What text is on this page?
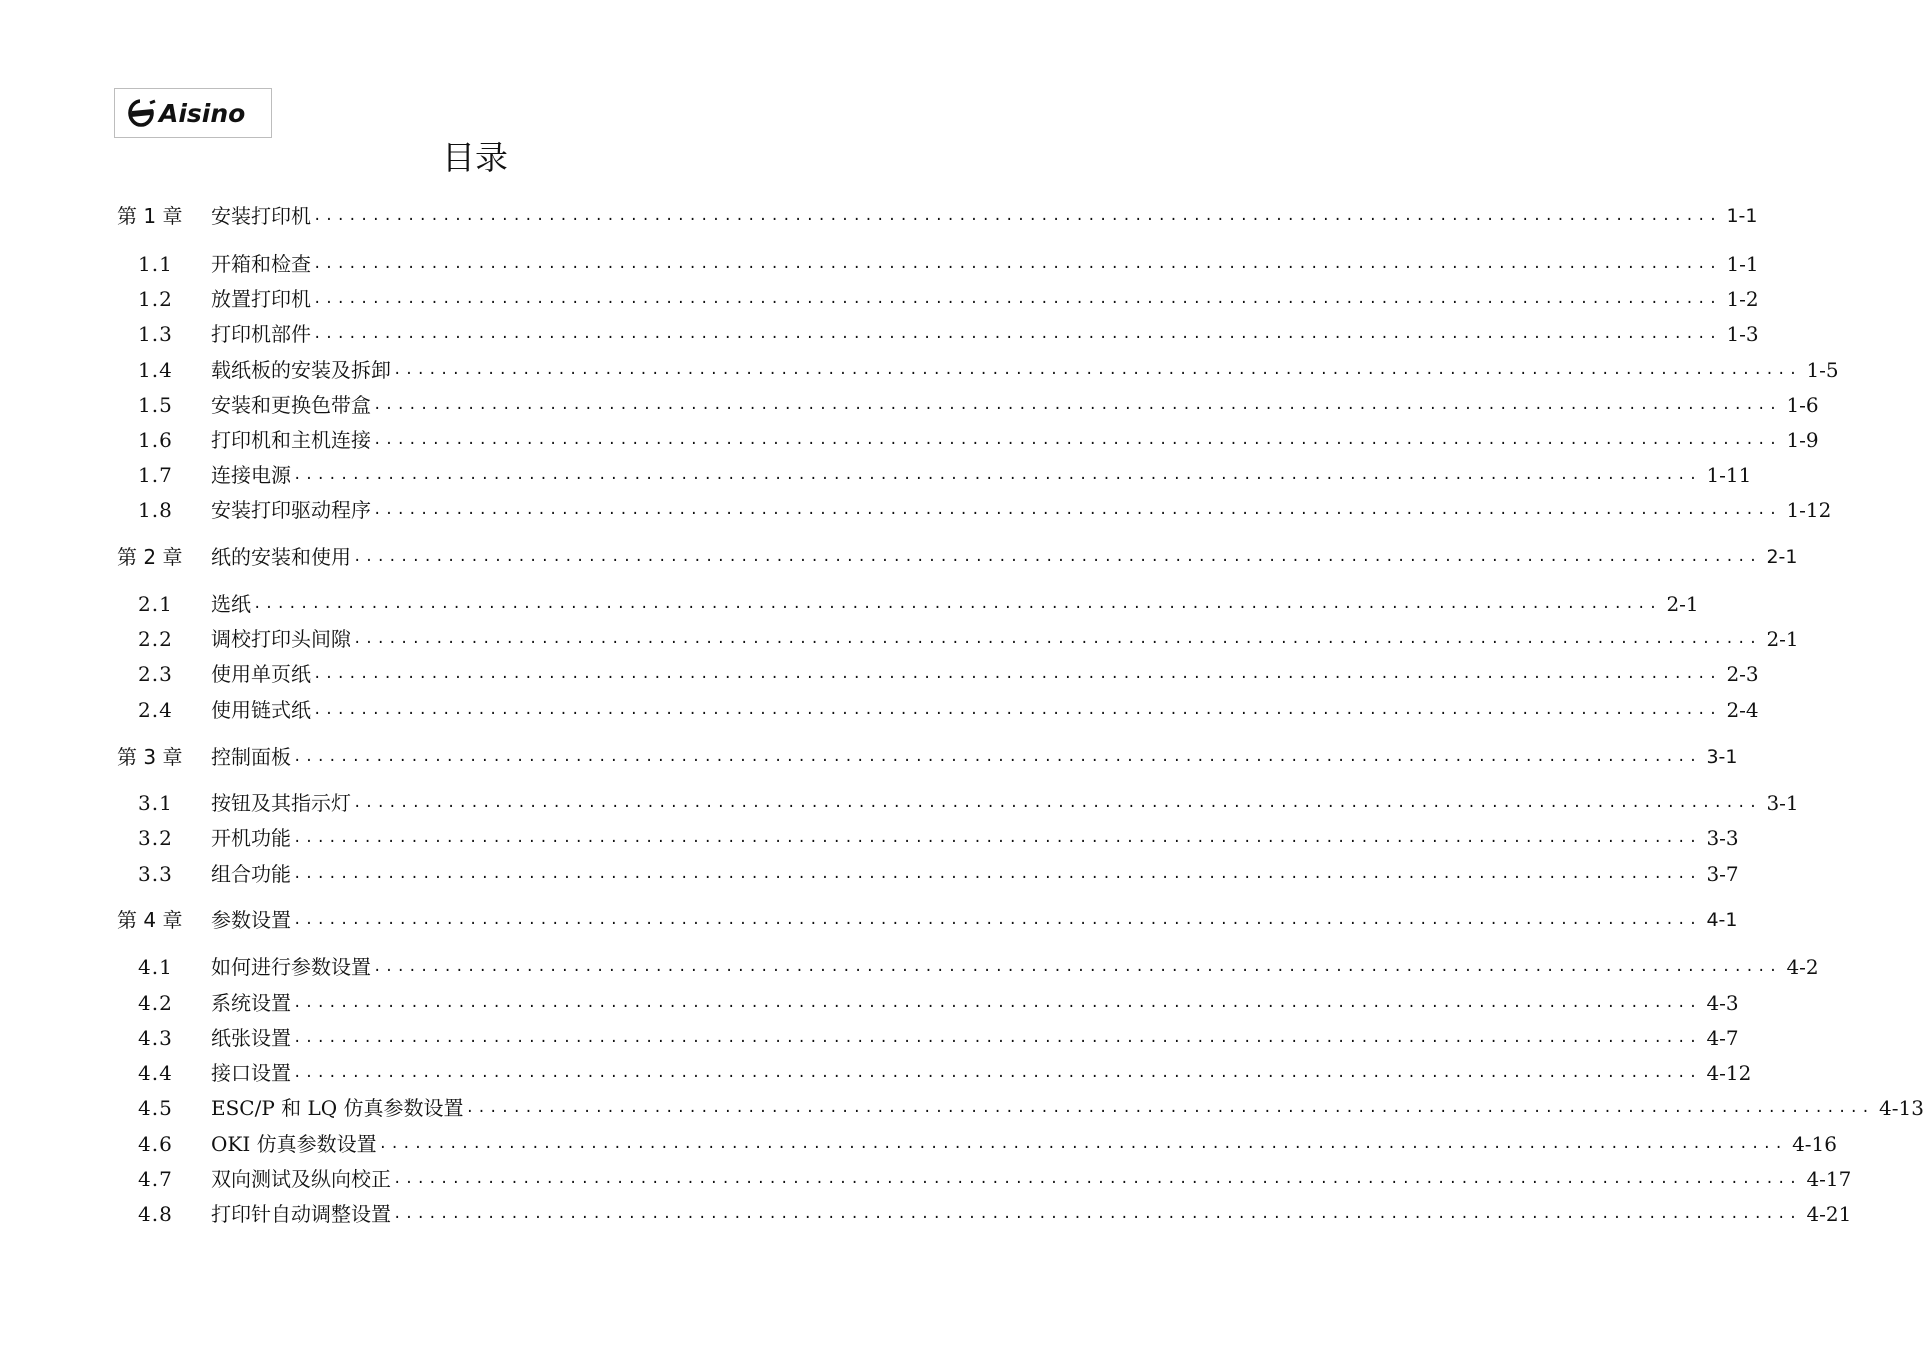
Aisino
目录
第 1 章 安装打印机 ........................................................................................................................ 1-1
1.1 开箱和检查 ........................................................................................................................ 1-1
1.2 放置打印机 ........................................................................................................................ 1-2
1.3 打印机部件 ........................................................................................................................ 1-3
1.4 载纸板的安装及拆卸 ........................................................................................................................ 1-5
1.5 安装和更换色带盒 ........................................................................................................................ 1-6
1.6 打印机和主机连接 ........................................................................................................................ 1-9
1.7 连接电源 ........................................................................................................................ 1-11
1.8 安装打印驱动程序 ........................................................................................................................ 1-12
第 2 章 纸的安装和使用 ........................................................................................................................ 2-1
2.1 选纸 ........................................................................................................................ 2-1
2.2 调校打印头间隙 ........................................................................................................................ 2-1
2.3 使用单页纸 ........................................................................................................................ 2-3
2.4 使用链式纸 ........................................................................................................................ 2-4
第 3 章 控制面板 ........................................................................................................................ 3-1
3.1 按钮及其指示灯 ........................................................................................................................ 3-1
3.2 开机功能 ........................................................................................................................ 3-3
3.3 组合功能 ........................................................................................................................ 3-7
第 4 章 参数设置 ........................................................................................................................ 4-1
4.1 如何进行参数设置 ........................................................................................................................ 4-2
4.2 系统设置 ........................................................................................................................ 4-3
4.3 纸张设置 ........................................................................................................................ 4-7
4.4 接口设置 ........................................................................................................................ 4-12
4.5 ESC/P 和 LQ 仿真参数设置 ........................................................................................................................ 4-13
4.6 OKI 仿真参数设置 ........................................................................................................................ 4-16
4.7 双向测试及纵向校正 ........................................................................................................................ 4-17
4.8 打印针自动调整设置 ........................................................................................................................ 4-21
